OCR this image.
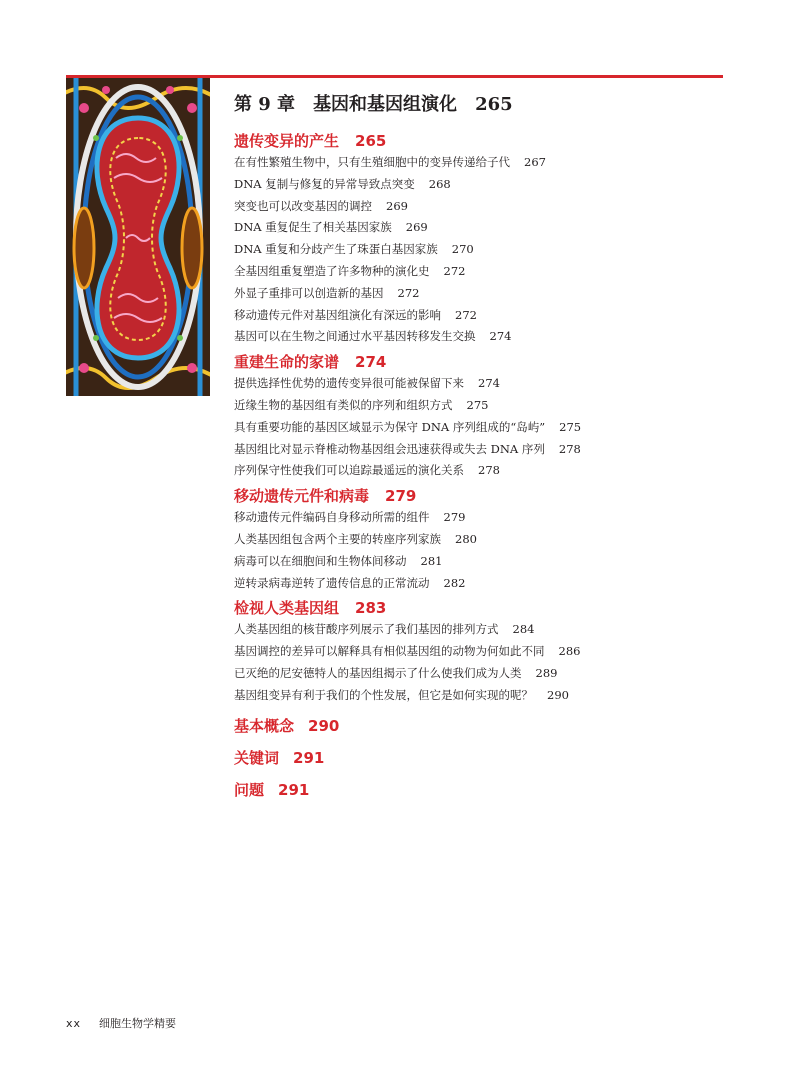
第 9 章  基因和基因组演化 265
遗传变异的产生 265
在有性繁殖生物中，只有生殖细胞中的变异传递给子代 267
DNA 复制与修复的异常导致点突变 268
突变也可以改变基因的调控 269
DNA 重复促生了相关基因家族 269
DNA 重复和分歧产生了珠蛋白基因家族 270
全基因组重复塑造了许多物种的演化史 272
外显子重排可以创造新的基因 272
移动遗传元件对基因组演化有深远的影响 272
基因可以在生物之间通过水平基因转移发生交换 274
重建生命的家谱 274
提供选择性优势的遗传变异很可能被保留下来 274
近缘生物的基因组有类似的序列和组织方式 275
具有重要功能的基因区域显示为保守 DNA 序列组成的“岛屿” 275
基因组比对显示脊椎动物基因组会迅速获得或失去 DNA 序列 278
序列保守性使我们可以追踪最遥远的演化关系 278
移动遗传元件和病毒 279
移动遗传元件编码自身移动所需的组件 279
人类基因组包含两个主要的转座序列家族 280
病毒可以在细胞间和生物体间移动 281
逆转录病毒逆转了遗传信息的正常流动 282
检视人类基因组 283
人类基因组的核苷酸序列展示了我们基因的排列方式 284
基因调控的差异可以解释具有相似基因组的动物为何如此不同 286
已灭绝的尼安德特人的基因组揭示了什么使我们成为人类 289
基因组变异有利于我们的个性发展，但它是如何实现的呢？ 290
基本概念 290
关键词 291
问题 291
xx 细胞生物学精要
